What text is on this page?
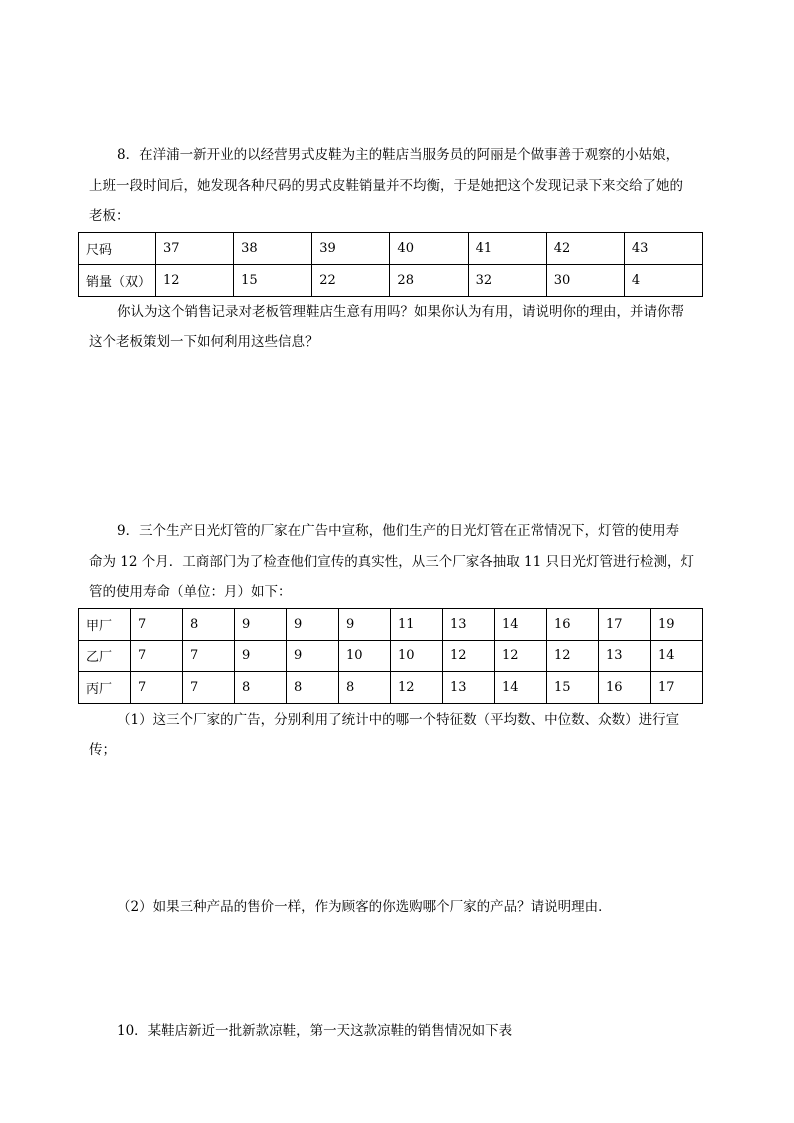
8．在洋浦一新开业的以经营男式皮鞋为主的鞋店当服务员的阿丽是个做事善于观察的小姑娘，
上班一段时间后，她发现各种尺码的男式皮鞋销量并不均衡，于是她把这个发现记录下来交给了她的
老板：
尺码	37	38	39	40	41	42	43
销量（双）	12	15	22	28	32	30	4
你认为这个销售记录对老板管理鞋店生意有用吗？如果你认为有用，请说明你的理由，并请你帮
这个老板策划一下如何利用这些信息？
9．三个生产日光灯管的厂家在广告中宣称，他们生产的日光灯管在正常情况下，灯管的使用寿
命为 12 个月．工商部门为了检查他们宣传的真实性，从三个厂家各抽取 11 只日光灯管进行检测，灯
管的使用寿命（单位：月）如下：
甲厂	7	8	9	9	9	11	13	14	16	17	19
乙厂	7	7	9	9	10	10	12	12	12	13	14
丙厂	7	7	8	8	8	12	13	14	15	16	17
（1）这三个厂家的广告，分别利用了统计中的哪一个特征数（平均数、中位数、众数）进行宣
传；
（2）如果三种产品的售价一样，作为顾客的你选购哪个厂家的产品？请说明理由．
10．某鞋店新近一批新款凉鞋，第一天这款凉鞋的销售情况如下表
